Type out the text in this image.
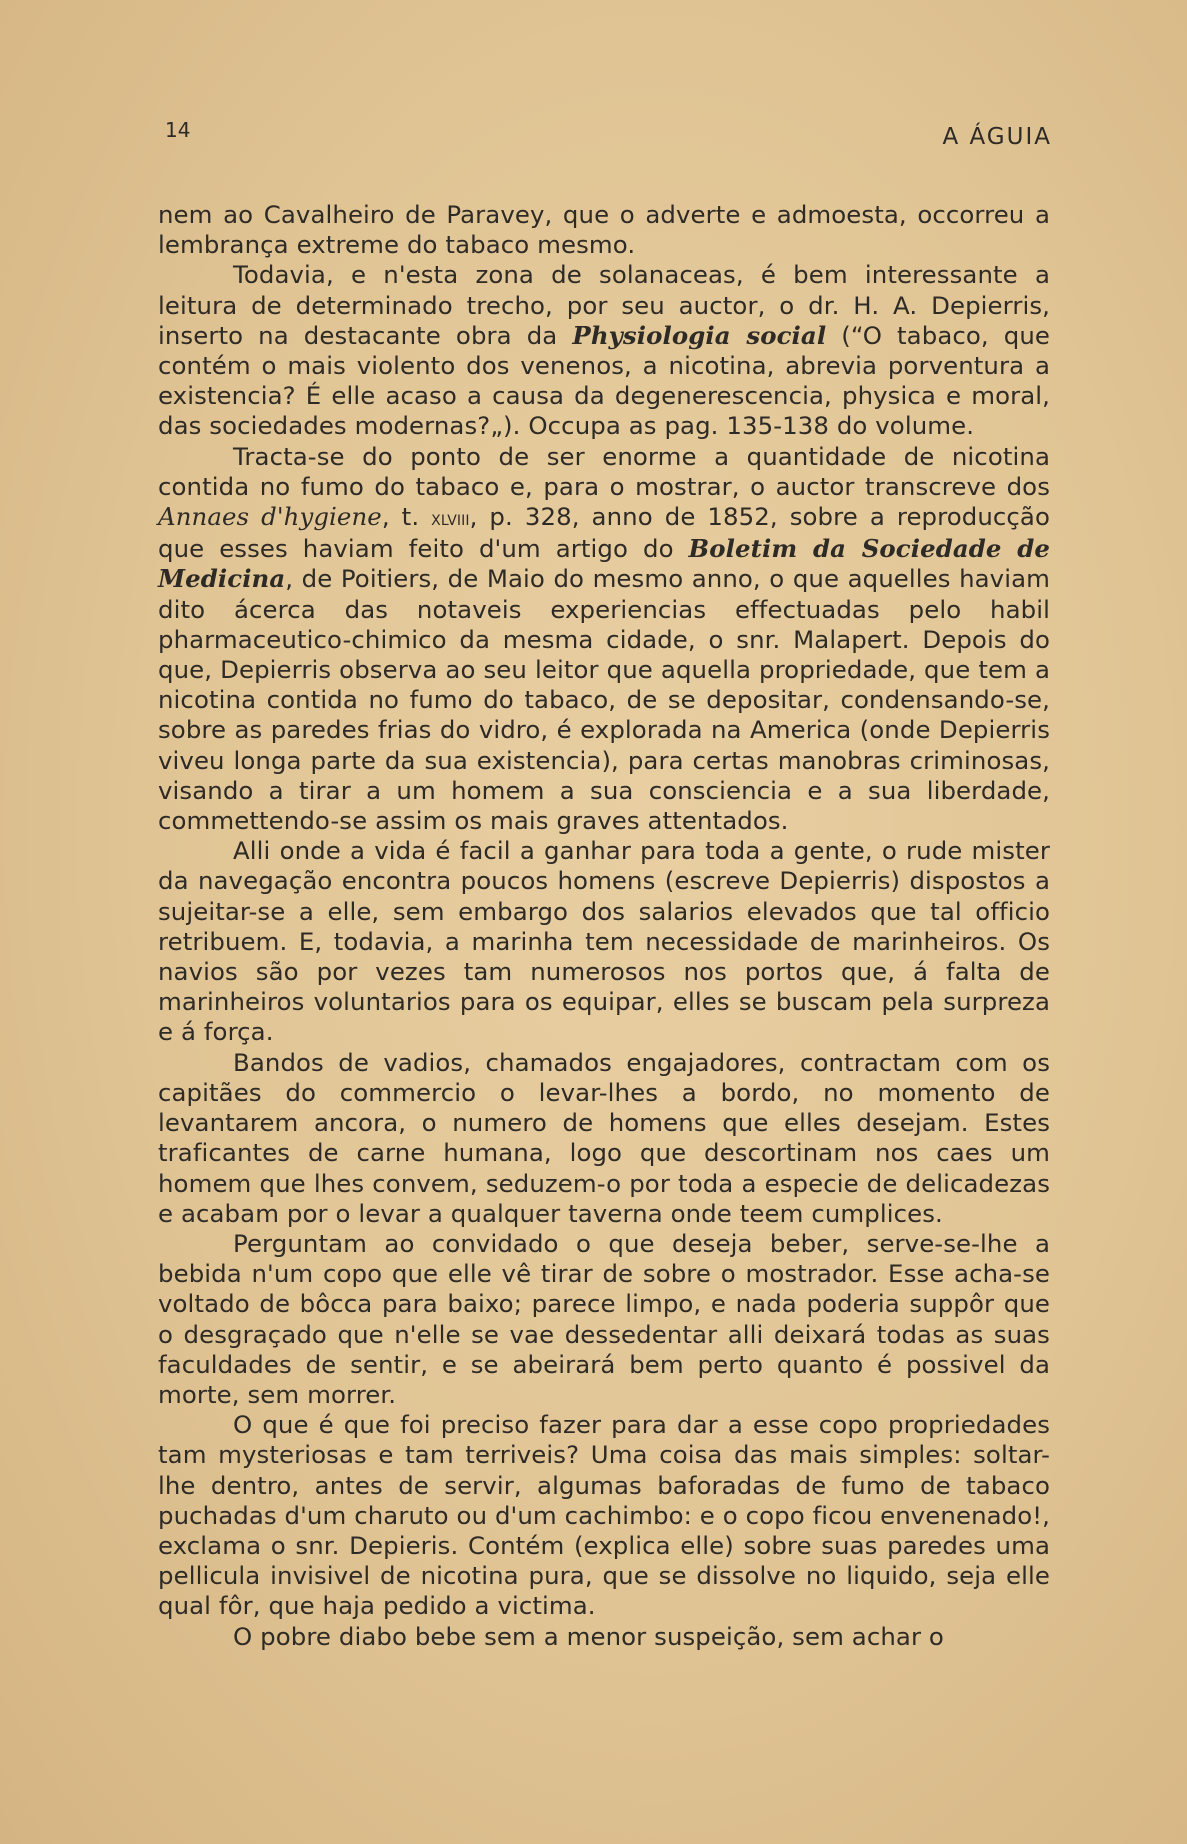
14	A ÁGUIA

nem ao Cavalheiro de Paravey, que o adverte e admoesta, occorreu a lembrança extreme do tabaco mesmo.

Todavia, e n'esta zona de solanaceas, é bem interessante a leitura de determinado trecho, por seu auctor, o dr. H. A. Depierris, inserto na destacante obra da Physiologia social (“O tabaco, que contém o mais violento dos venenos, a nicotina, abrevia porventura a existencia? É elle acaso a causa da degenerescencia, physica e moral, das sociedades modernas?„). Occupa as pag. 135-138 do volume.

Tracta-se do ponto de ser enorme a quantidade de nicotina contida no fumo do tabaco e, para o mostrar, o auctor transcreve dos Annaes d'hygiene, t. xlviii, p. 328, anno de 1852, sobre a reproducção que esses haviam feito d'um artigo do Boletim da Sociedade de Medicina, de Poitiers, de Maio do mesmo anno, o que aquelles haviam dito ácerca das notaveis experiencias effectuadas pelo habil pharmaceutico-chimico da mesma cidade, o snr. Malapert. Depois do que, Depierris observa ao seu leitor que aquella propriedade, que tem a nicotina contida no fumo do tabaco, de se depositar, condensando-se, sobre as paredes frias do vidro, é explorada na America (onde Depierris viveu longa parte da sua existencia), para certas manobras criminosas, visando a tirar a um homem a sua consciencia e a sua liberdade, commettendo-se assim os mais graves attentados.

Alli onde a vida é facil a ganhar para toda a gente, o rude mister da navegação encontra poucos homens (escreve Depierris) dispostos a sujeitar-se a elle, sem embargo dos salarios elevados que tal officio retribuem. E, todavia, a marinha tem necessidade de marinheiros. Os navios são por vezes tam numerosos nos portos que, á falta de marinheiros voluntarios para os equipar, elles se buscam pela surpreza e á força.

Bandos de vadios, chamados engajadores, contractam com os capitães do commercio o levar-lhes a bordo, no momento de levantarem ancora, o numero de homens que elles desejam. Estes traficantes de carne humana, logo que descortinam nos caes um homem que lhes convem, seduzem-o por toda a especie de delicadezas e acabam por o levar a qualquer taverna onde teem cumplices.

Perguntam ao convidado o que deseja beber, serve-se-lhe a bebida n'um copo que elle vê tirar de sobre o mostrador. Esse acha-se voltado de bôcca para baixo; parece limpo, e nada poderia suppôr que o desgraçado que n'elle se vae dessedentar alli deixará todas as suas faculdades de sentir, e se abeirará bem perto quanto é possivel da morte, sem morrer.

O que é que foi preciso fazer para dar a esse copo propriedades tam mysteriosas e tam terriveis? Uma coisa das mais simples: soltar-lhe dentro, antes de servir, algumas baforadas de fumo de tabaco puchadas d'um charuto ou d'um cachimbo: e o copo ficou envenenado!, exclama o snr. Depieris. Contém (explica elle) sobre suas paredes uma pellicula invisivel de nicotina pura, que se dissolve no liquido, seja elle qual fôr, que haja pedido a victima.

O pobre diabo bebe sem a menor suspeição, sem achar o
